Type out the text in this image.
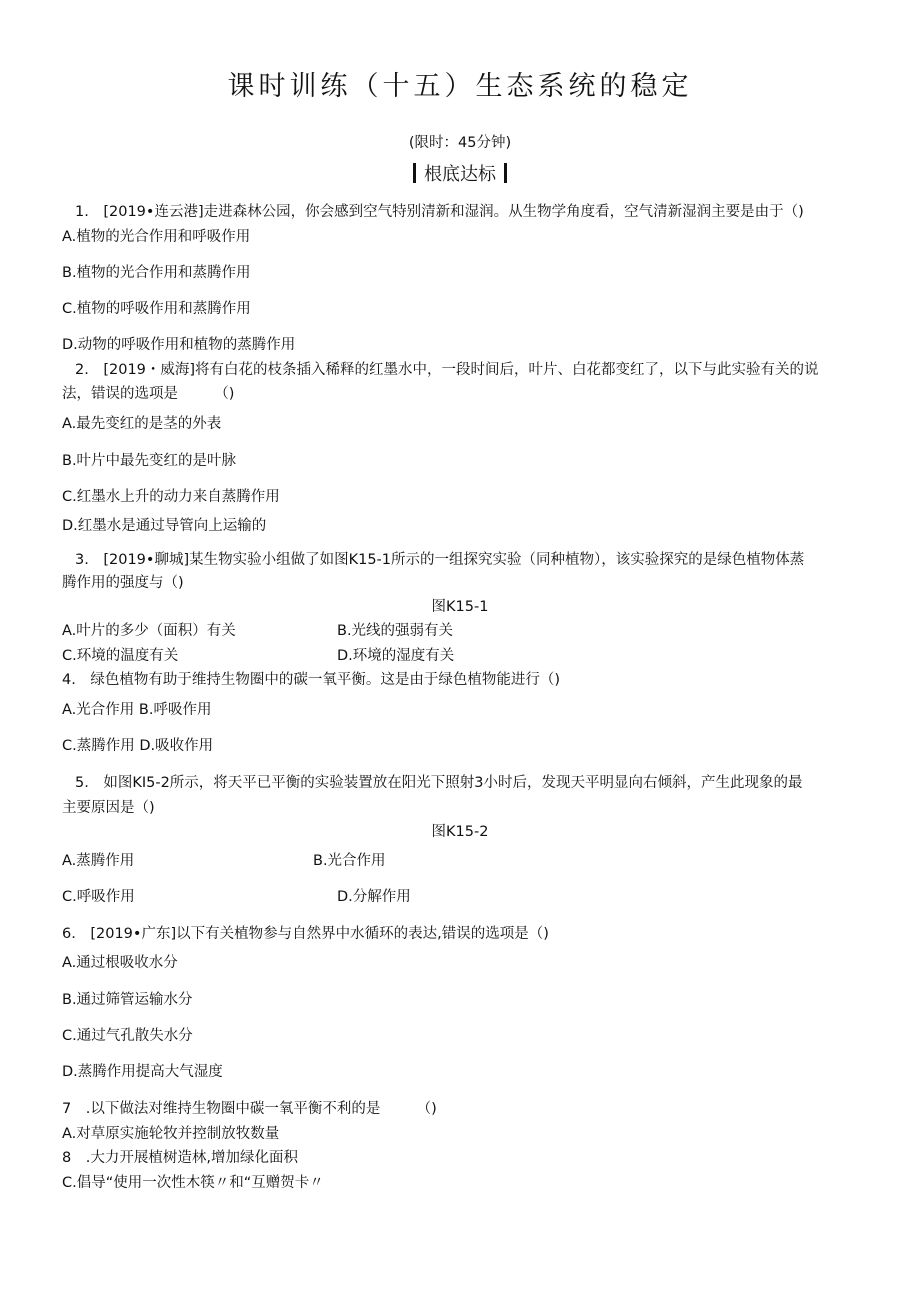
课时训练（十五）生态系统的稳定
(限时：45分钟)
根底达标
1.　[2019•连云港]走进森林公园，你会感到空气特别清新和湿润。从生物学角度看，空气清新湿润主要是由于（)
A.植物的光合作用和呼吸作用
B.植物的光合作用和蒸腾作用
C.植物的呼吸作用和蒸腾作用
D.动物的呼吸作用和植物的蒸腾作用
2.　[2019・威海]将有白花的枝条插入稀释的红墨水中，一段时间后，叶片、白花都变红了，以下与此实验有关的说
法，错误的选项是　　　（)
A.最先变红的是茎的外表
B.叶片中最先变红的是叶脉
C.红墨水上升的动力来自蒸腾作用
D.红墨水是通过导管向上运输的
3.　[2019•聊城]某生物实验小组做了如图K15-1所示的一组探究实验（同种植物），该实验探究的是绿色植物体蒸
腾作用的强度与（)
图K15-1
A.叶片的多少（面积）有关	B.光线的强弱有关
C.环境的温度有关	D.环境的湿度有关
4.　绿色植物有助于维持生物圈中的碳一氧平衡。这是由于绿色植物能进行（)
A.光合作用 B.呼吸作用
C.蒸腾作用 D.吸收作用
5.　如图KI5-2所示，将天平已平衡的实验装置放在阳光下照射3小时后，发现天平明显向右倾斜，产生此现象的最
主要原因是（)
图K15-2
A.蒸腾作用	B.光合作用
C.呼吸作用	D.分解作用
6.　[2019•广东]以下有关植物参与自然界中水循环的表达,错误的选项是（)
A.通过根吸收水分
B.通过筛管运输水分
C.通过气孔散失水分
D.蒸腾作用提高大气湿度
7　.以下做法对维持生物圈中碳一氧平衡不利的是　　　（)
A.对草原实施轮牧并控制放牧数量
8　.大力开展植树造林,增加绿化面积
C.倡导“使用一次性木筷〃和“互赠贺卡〃
